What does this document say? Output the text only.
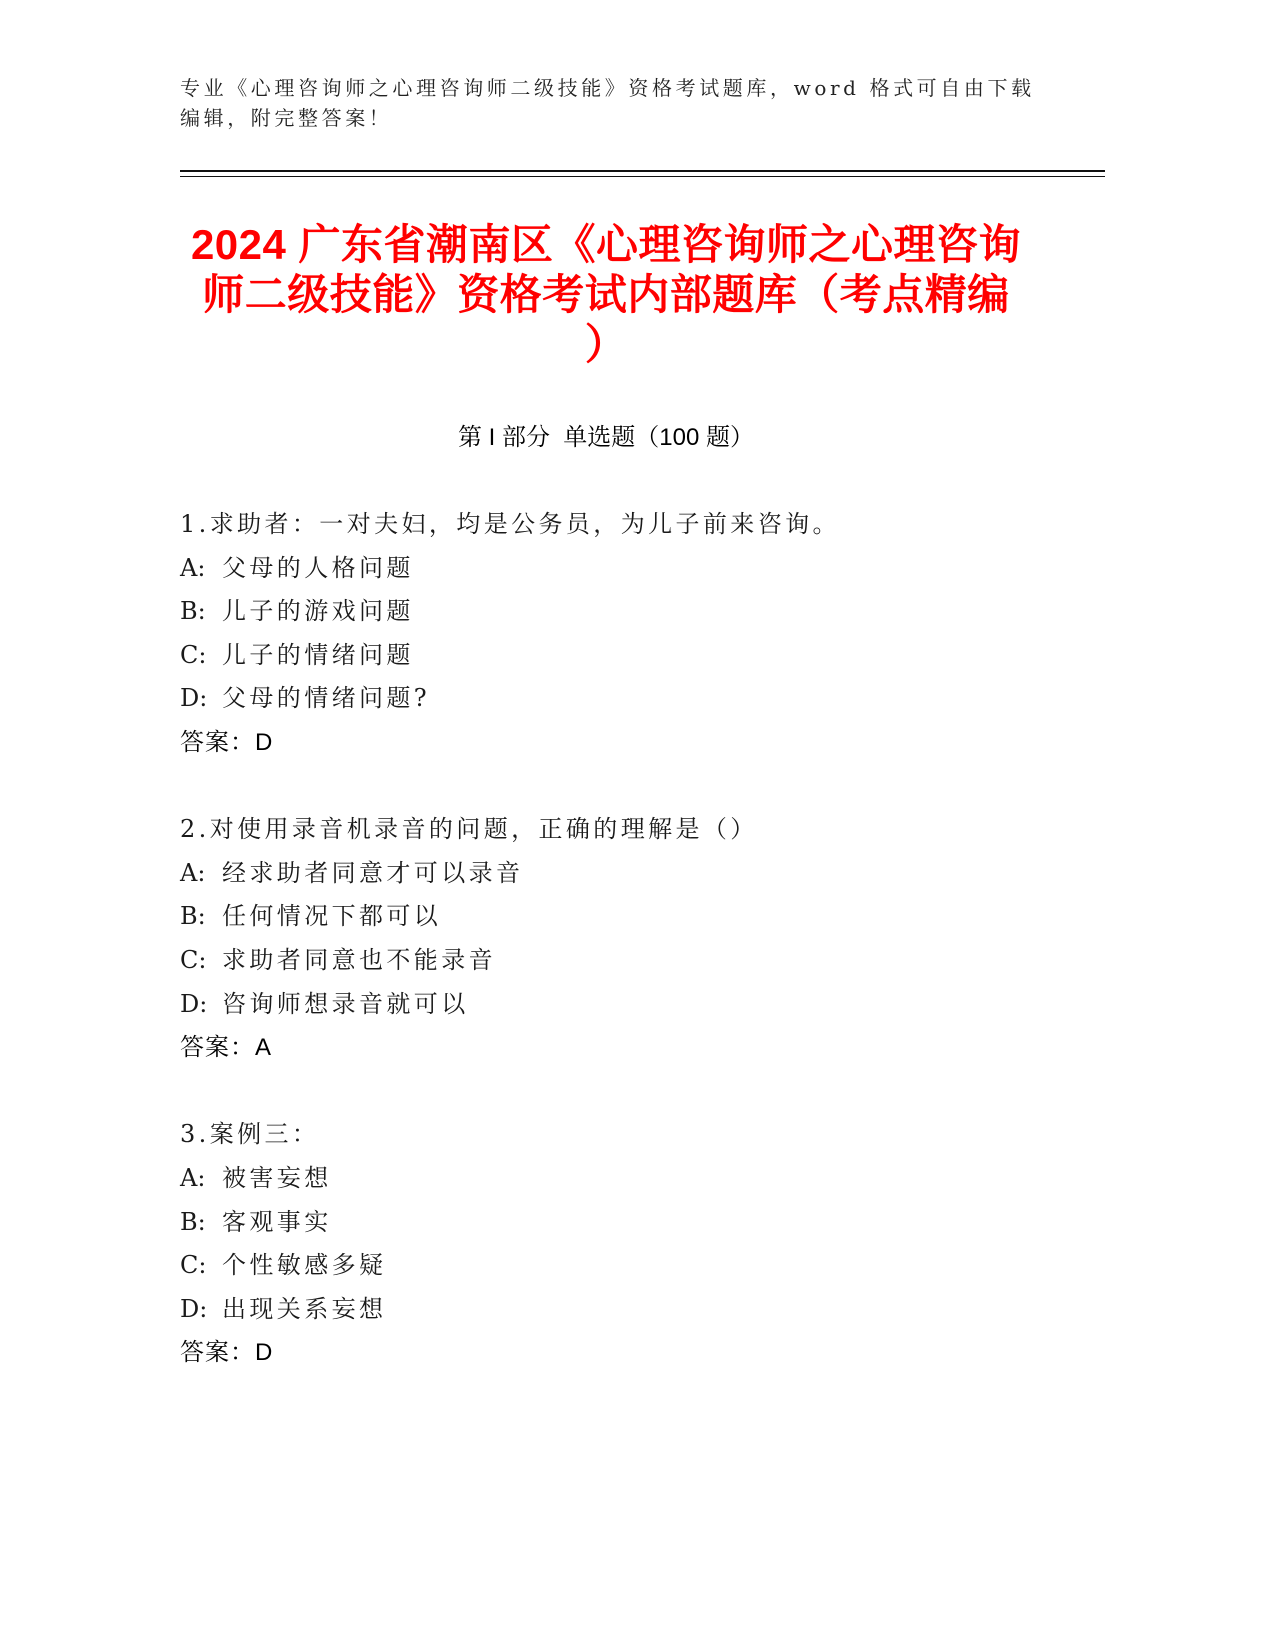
专业《心理咨询师之心理咨询师二级技能》资格考试题库，word 格式可自由下载
编辑，附完整答案！
2024 广东省潮南区《心理咨询师之心理咨询
师二级技能》资格考试内部题库（考点精编
）
第 I 部分  单选题（100 题）
1.求助者：一对夫妇，均是公务员，为儿子前来咨询。
A: 父母的人格问题
B: 儿子的游戏问题
C: 儿子的情绪问题
D: 父母的情绪问题?
答案：D
2.对使用录音机录音的问题，正确的理解是（）
A: 经求助者同意才可以录音
B: 任何情况下都可以
C: 求助者同意也不能录音
D: 咨询师想录音就可以
答案：A
3.案例三：
A: 被害妄想
B: 客观事实
C: 个性敏感多疑
D: 出现关系妄想
答案：D
